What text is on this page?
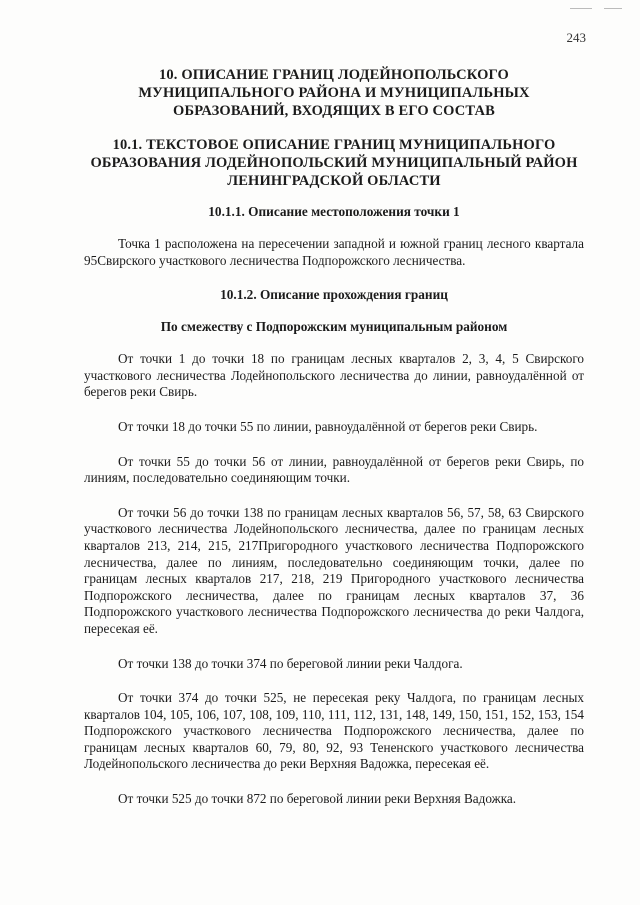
243
10. ОПИСАНИЕ ГРАНИЦ ЛОДЕЙНОПОЛЬСКОГО МУНИЦИПАЛЬНОГО РАЙОНА И МУНИЦИПАЛЬНЫХ ОБРАЗОВАНИЙ, ВХОДЯЩИХ В ЕГО СОСТАВ
10.1. ТЕКСТОВОЕ ОПИСАНИЕ ГРАНИЦ МУНИЦИПАЛЬНОГО ОБРАЗОВАНИЯ ЛОДЕЙНОПОЛЬСКИЙ МУНИЦИПАЛЬНЫЙ РАЙОН ЛЕНИНГРАДСКОЙ ОБЛАСТИ
10.1.1. Описание местоположения точки 1

Точка 1 расположена на пересечении западной и южной границ лесного квартала 95Свирского участкового лесничества Подпорожского лесничества.

10.1.2. Описание прохождения границ
По смежеству с Подпорожским муниципальным районом

От точки 1 до точки 18 по границам лесных кварталов 2, 3, 4, 5 Свирского участкового лесничества Лодейнопольского лесничества до линии, равноудалённой от берегов реки Свирь.

От точки 18 до точки 55 по линии, равноудалённой от берегов реки Свирь.

От точки 55 до точки 56 от линии, равноудалённой от берегов реки Свирь, по линиям, последовательно соединяющим точки.

От точки 56 до точки 138 по границам лесных кварталов 56, 57, 58, 63 Свирского участкового лесничества Лодейнопольского лесничества, далее по границам лесных кварталов 213, 214, 215, 217Пригородного участкового лесничества Подпорожского лесничества, далее по линиям, последовательно соединяющим точки, далее по границам лесных кварталов 217, 218, 219 Пригородного участкового лесничества Подпорожского лесничества, далее по границам лесных кварталов 37, 36 Подпорожского участкового лесничества Подпорожского лесничества до реки Чалдога, пересекая её.

От точки 138 до точки 374 по береговой линии реки Чалдога.

От точки 374 до точки 525, не пересекая реку Чалдога, по границам лесных кварталов 104, 105, 106, 107, 108, 109, 110, 111, 112, 131, 148, 149, 150, 151, 152, 153, 154 Подпорожского участкового лесничества Подпорожского лесничества, далее по границам лесных кварталов 60, 79, 80, 92, 93 Тененского участкового лесничества Лодейнопольского лесничества до реки Верхняя Вадожка, пересекая её.

От точки 525 до точки 872 по береговой линии реки Верхняя Вадожка.
